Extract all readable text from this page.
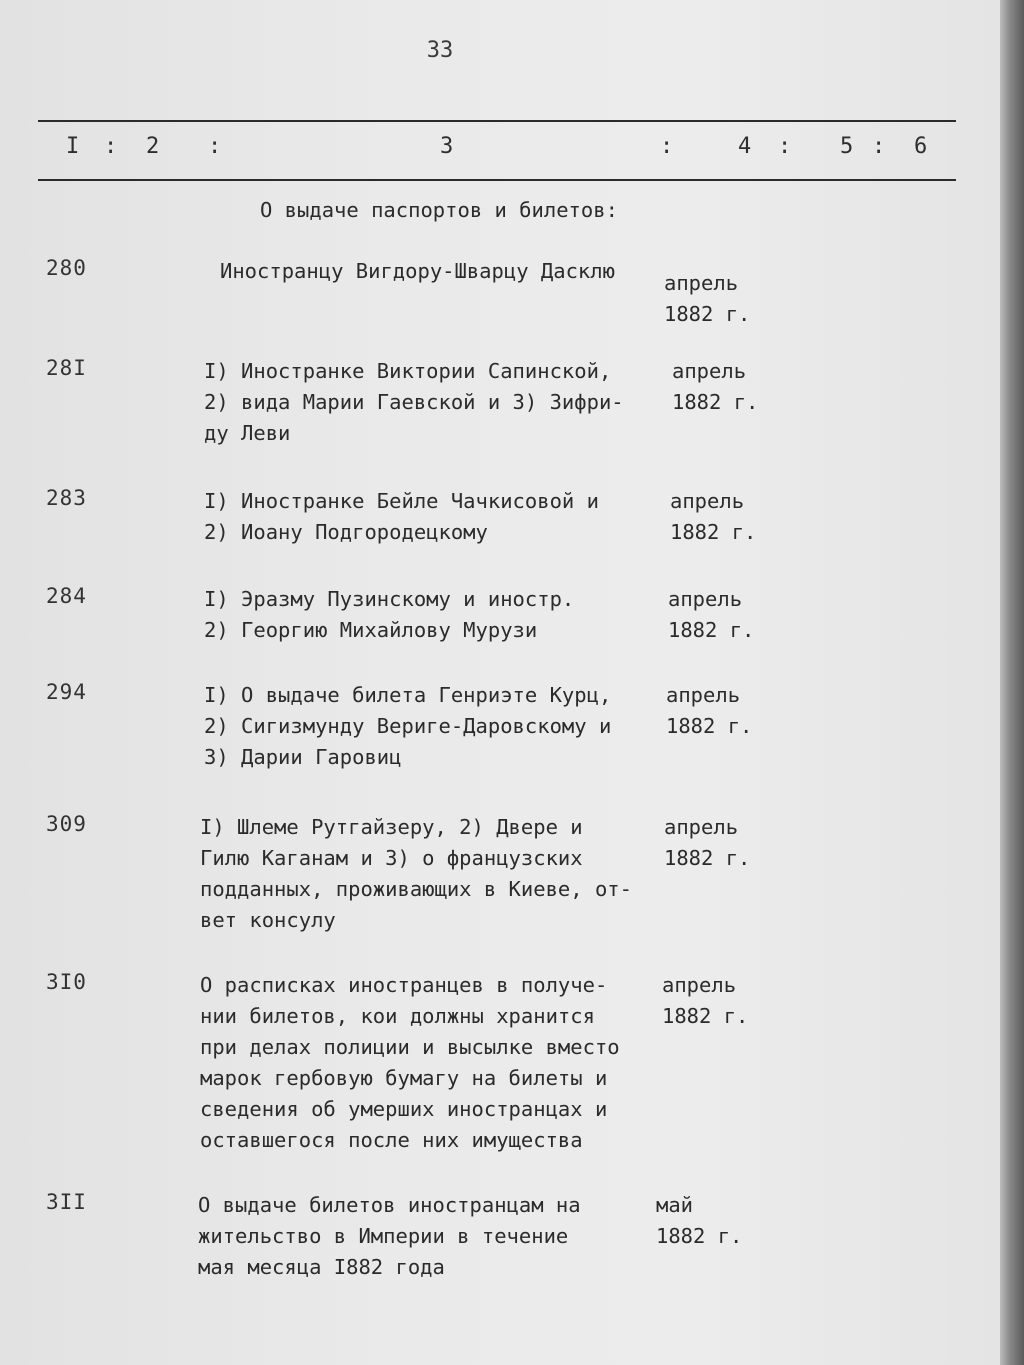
33
I : 2 :	3	:	4 : 5 : 6
О выдаче паспортов и билетов:
280	Иностранцу Вигдору-Шварцу Дасклю	апрель
1882 г.
28I	I) Иностранке Виктории Сапинской,
2) вида Марии Гаевской и 3) Зифри-
ду Леви
апрель
1882 г.
283	I) Иностранке Бейле Чачкисовой и
2) Иоану Подгородецкому
апрель
1882 г.
284	I) Эразму Пузинскому и иностр.
2) Георгию Михайлову Мурузи
апрель
1882 г.
294	I) О выдаче билета Генриэте Курц,
2) Сигизмунду Вериге-Даровскому и
3) Дарии Гаровиц
апрель
1882 г.
309	I) Шлеме Рутгайзеру, 2) Двере и
Гилю Каганам и 3) о французских
подданных, проживающих в Киеве, от-
вет консулу
апрель
1882 г.
3I0	О расписках иностранцев в получе-
нии билетов, кои должны хранится
при делах полиции и высылке вместо
марок гербовую бумагу на билеты и
сведения об умерших иностранцах и
оставшегося после них имущества
апрель
1882 г.
3II	О выдаче билетов иностранцам на
жительство в Империи в течение
мая месяца I882 года
май
1882 г.
